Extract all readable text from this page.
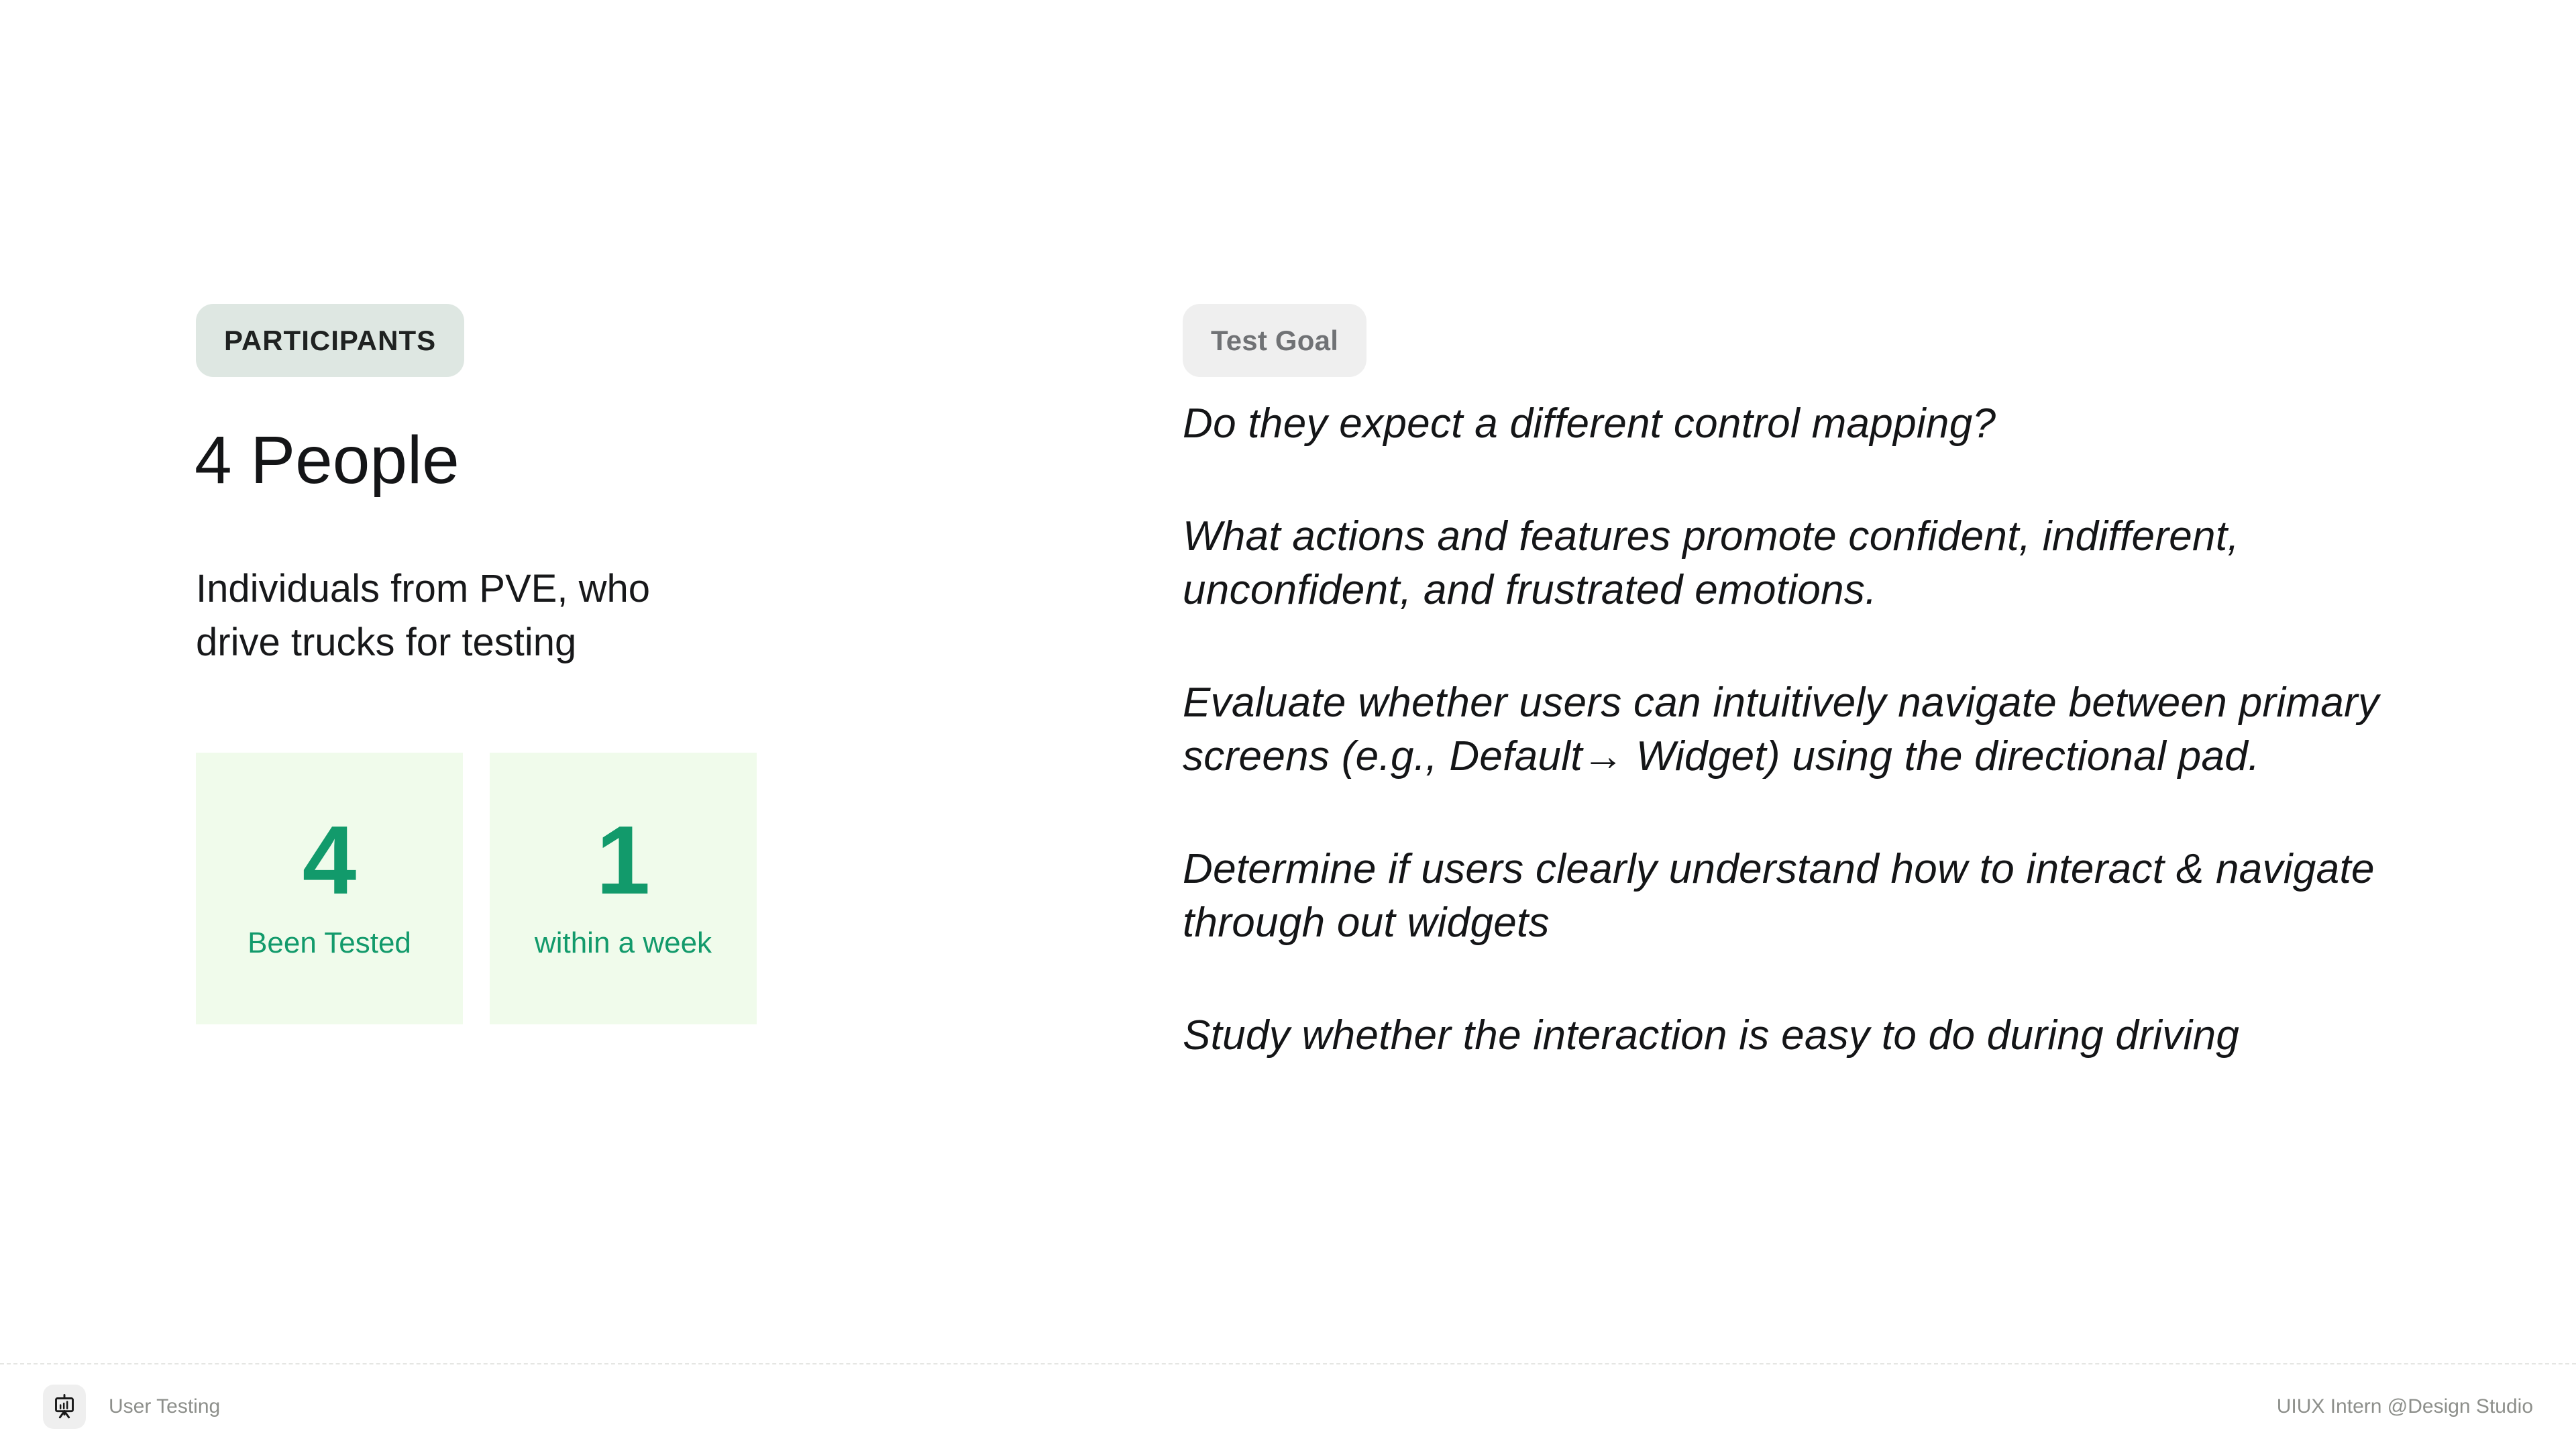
PARTICIPANTS
4 People

Individuals from PVE, who drive trucks for testing

4
Been Tested
1
within a week
Test Goal

Do they expect a different control mapping?

What actions and features promote confident, indifferent, unconfident, and frustrated emotions.

Evaluate whether users can intuitively navigate between primary screens (e.g., Default→ Widget) using the directional pad.

Determine if users clearly understand how to interact & navigate through out widgets

Study whether the interaction is easy to do during driving

User Testing	UIUX Intern @Design Studio
